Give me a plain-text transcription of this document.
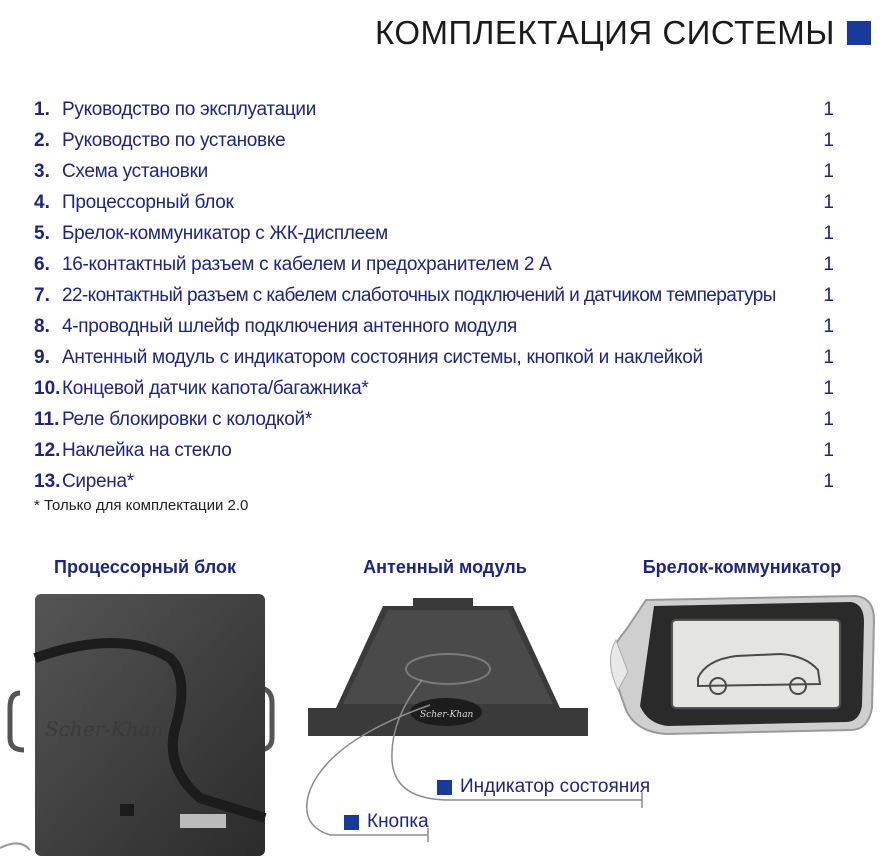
КОМПЛЕКТАЦИЯ СИСТЕМЫ
1. Руководство по эксплуатации	1
2. Руководство по установке	1
3. Схема установки	1
4. Процессорный блок	1
5. Брелок-коммуникатор с ЖК-дисплеем	1
6. 16-контактный разъем с кабелем и предохранителем 2 А	1
7. 22-контактный разъем с кабелем слаботочных подключений и датчиком температуры	1
8. 4-проводный шлейф подключения антенного модуля	1
9. Антенный модуль с индикатором состояния системы, кнопкой и наклейкой	1
10. Концевой датчик капота/багажника*	1
11. Реле блокировки с колодкой*	1
12. Наклейка на стекло	1
13. Сирена*	1
* Только для комплектации 2.0
Процессорный блок	Антенный модуль	Брелок-коммуникатор
Scher-Khan
Scher-Khan
Индикатор состояния
Кнопка
